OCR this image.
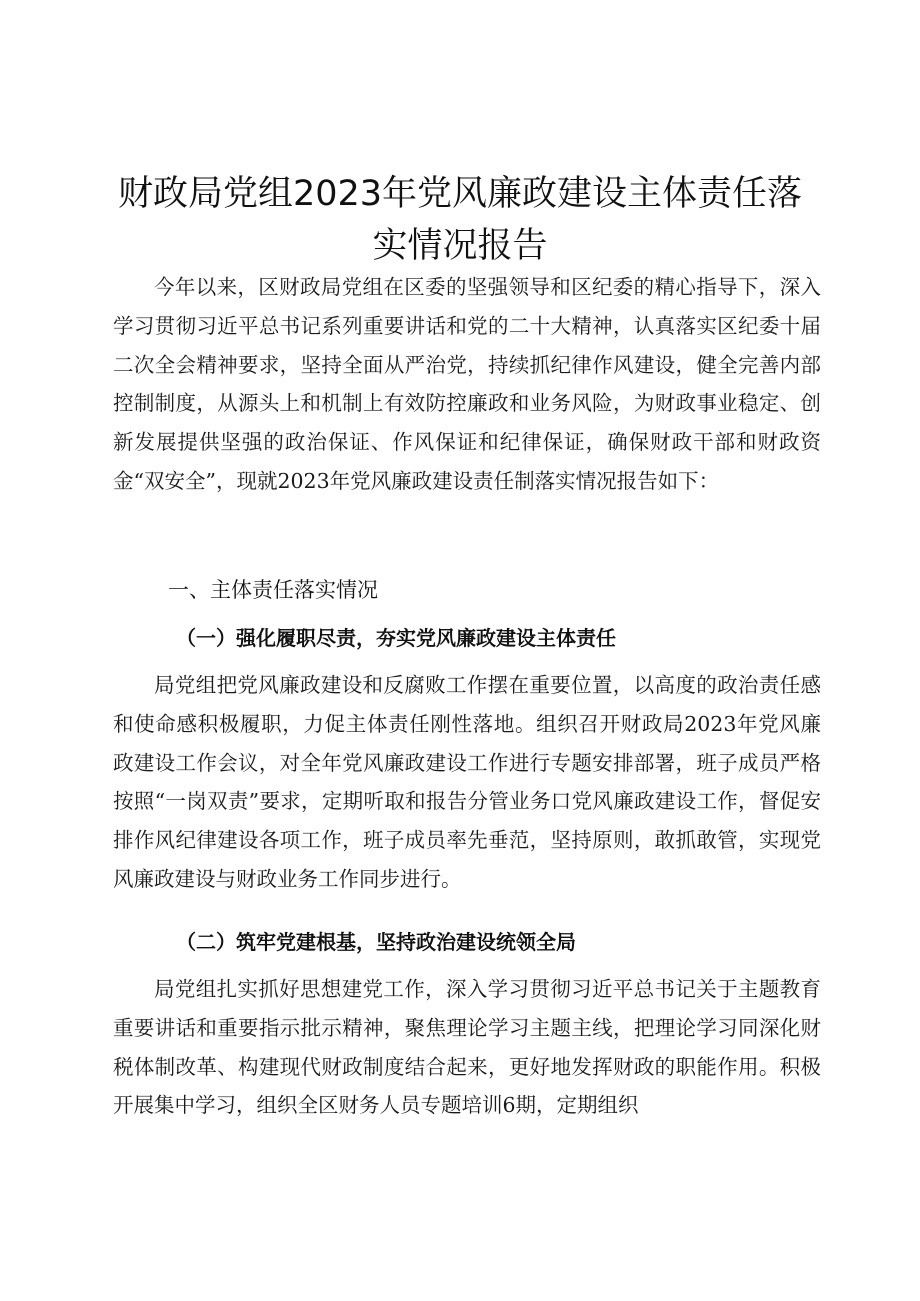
财政局党组2023年党风廉政建设主体责任落
实情况报告

今年以来，区财政局党组在区委的坚强领导和区纪委的精心指导下，深入学习贯彻习近平总书记系列重要讲话和党的二十大精神，认真落实区纪委十届二次全会精神要求，坚持全面从严治党，持续抓纪律作风建设，健全完善内部控制制度，从源头上和机制上有效防控廉政和业务风险，为财政事业稳定、创新发展提供坚强的政治保证、作风保证和纪律保证，确保财政干部和财政资金“双安全”，现就2023年党风廉政建设责任制落实情况报告如下：

一、主体责任落实情况
（一）强化履职尽责，夯实党风廉政建设主体责任

局党组把党风廉政建设和反腐败工作摆在重要位置，以高度的政治责任感和使命感积极履职，力促主体责任刚性落地。组织召开财政局2023年党风廉政建设工作会议，对全年党风廉政建设工作进行专题安排部署，班子成员严格按照“一岗双责”要求，定期听取和报告分管业务口党风廉政建设工作，督促安排作风纪律建设各项工作，班子成员率先垂范，坚持原则，敢抓敢管，实现党风廉政建设与财政业务工作同步进行。

（二）筑牢党建根基，坚持政治建设统领全局

局党组扎实抓好思想建党工作，深入学习贯彻习近平总书记关于主题教育重要讲话和重要指示批示精神，聚焦理论学习主题主线，把理论学习同深化财税体制改革、构建现代财政制度结合起来，更好地发挥财政的职能作用。积极开展集中学习，组织全区财务人员专题培训6期，定期组织
